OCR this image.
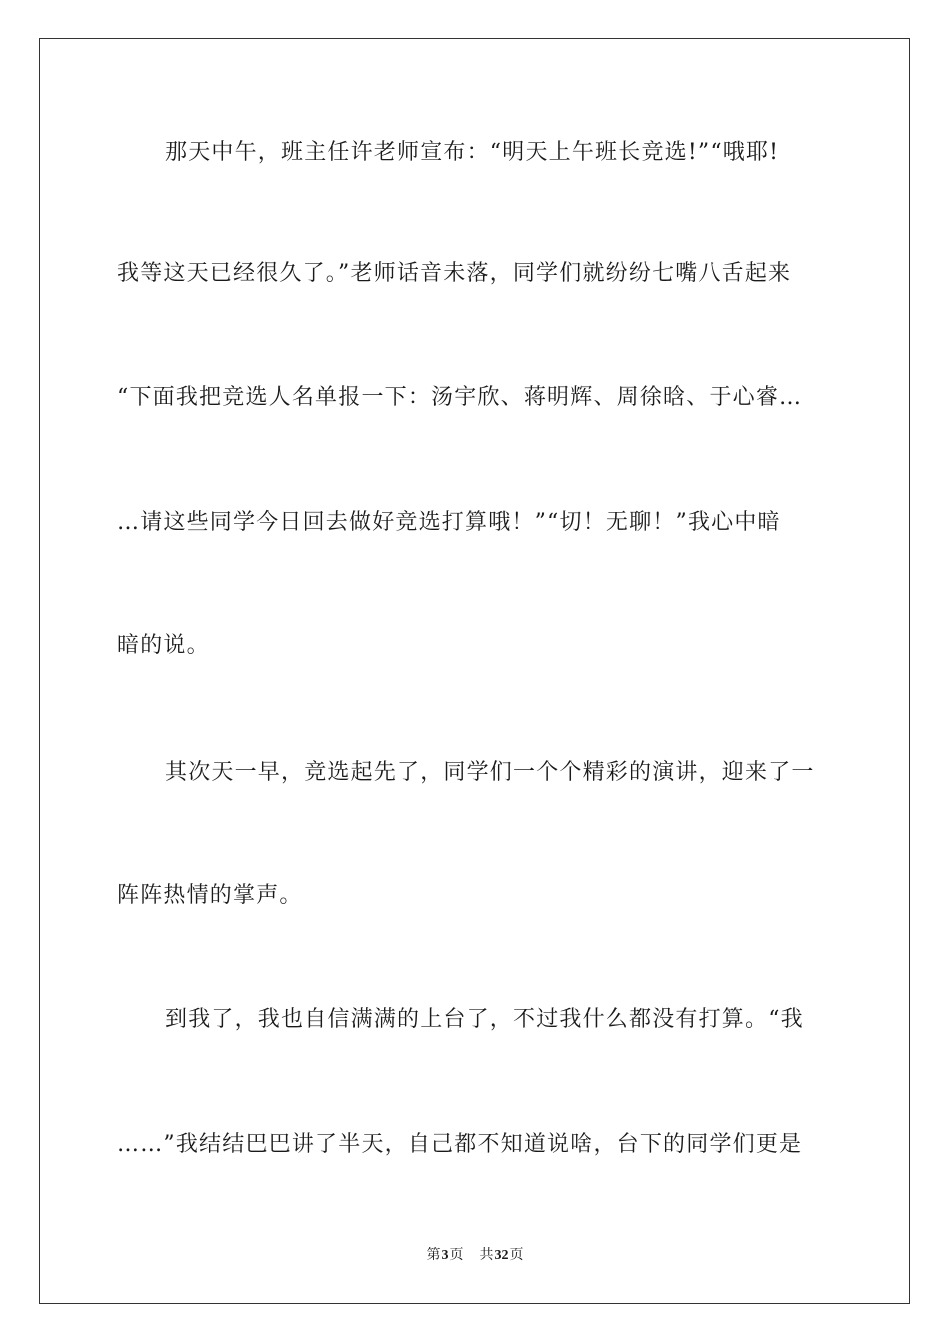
那天中午，班主任许老师宣布：“明天上午班长竞选!”“哦耶!
我等这天已经很久了。”老师话音未落，同学们就纷纷七嘴八舌起来
“下面我把竞选人名单报一下：汤宇欣、蒋明辉、周徐晗、于心睿…
…请这些同学今日回去做好竞选打算哦！”“切！无聊！”我心中暗
暗的说。
其次天一早，竞选起先了，同学们一个个精彩的演讲，迎来了一
阵阵热情的掌声。
到我了，我也自信满满的上台了，不过我什么都没有打算。“我
……”我结结巴巴讲了半天，自己都不知道说啥，台下的同学们更是
第3页 共32页
